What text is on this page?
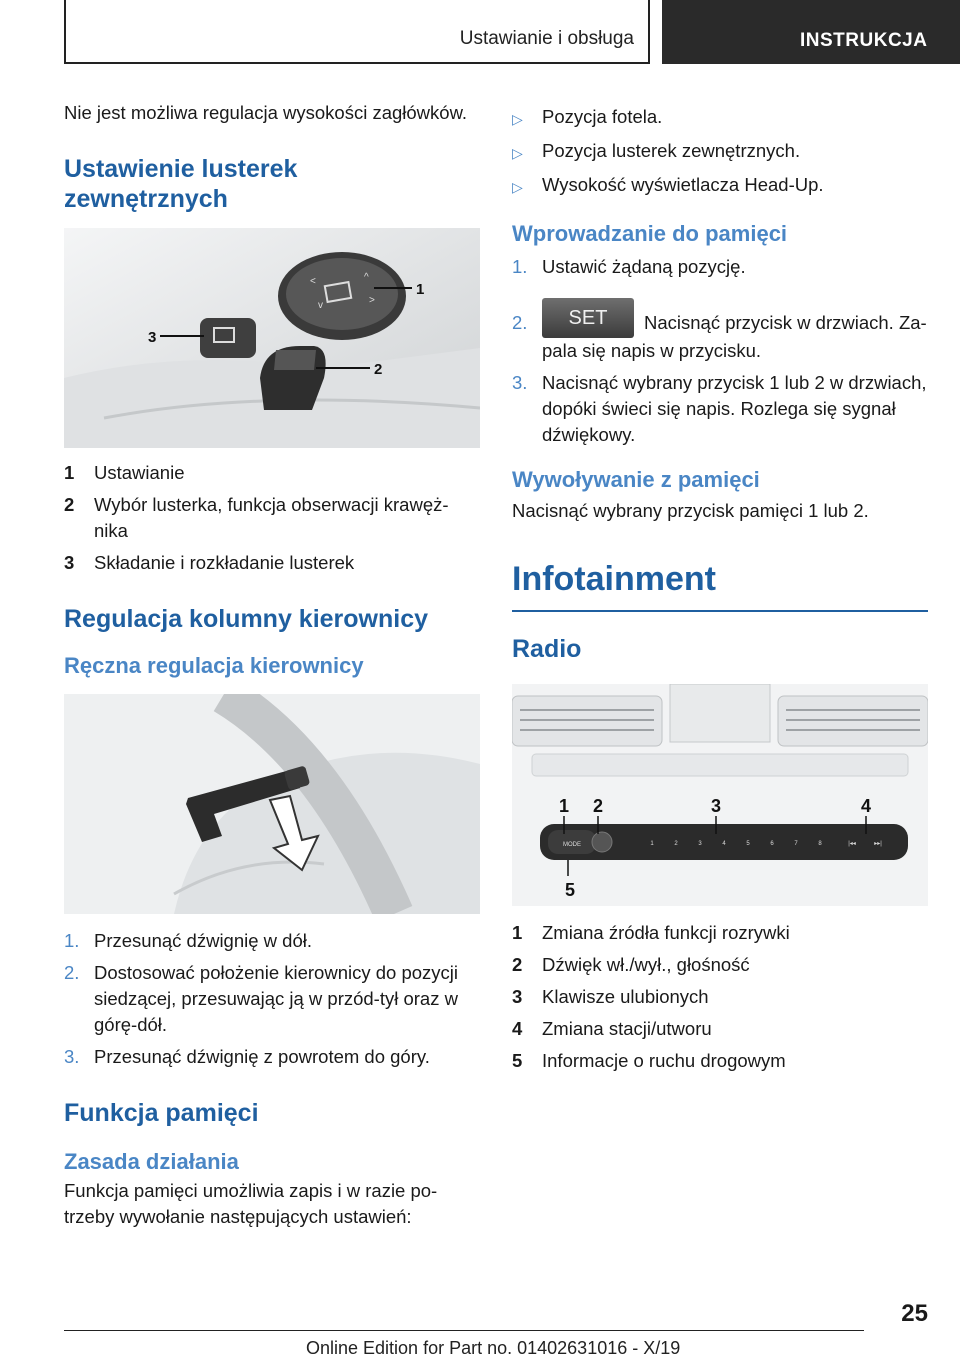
Ustawianie i obsługa	INSTRUKCJA

Nie jest możliwa regulacja wysokości zagłówków.

Ustawienie lusterek
zewnętrznych
<	^
>
v
1
2
3
1	Ustawianie
2	Wybór lusterka, funkcja obserwacji krawęż-nika
3	Składanie i rozkładanie lusterek
Regulacja kolumny kierownicy
Ręczna regulacja kierownicy
1. Przesunąć dźwignię w dół.
2. Dostosować położenie kierownicy do pozycji siedzącej, przesuwając ją w przód-tył oraz w górę-dół.
3. Przesunąć dźwignię z powrotem do góry.
Funkcja pamięci
Zasada działania

Funkcja pamięci umożliwia zapis i w razie po-trzeby wywołanie następujących ustawień:

▷	Pozycja fotela.
▷	Pozycja lusterek zewnętrznych.
▷	Wysokość wyświetlacza Head-Up.
Wprowadzanie do pamięci
1. Ustawić żądaną pozycję.
2.	SET Nacisnąć przycisk w drzwiach. Za-pala się napis w przycisku.
3. Nacisnąć wybrany przycisk 1 lub 2 w drzwiach, dopóki świeci się napis. Rozlega się sygnał dźwiękowy.
Wywoływanie z pamięci

Nacisnąć wybrany przycisk pamięci 1 lub 2.

Infotainment
Radio
MODE	1	2	3	4	5	6	7	8	|◂◂	▸▸|
1 2	3	4
5
1	Zmiana źródła funkcji rozrywki
2	Dźwięk wł./wył., głośność
3	Klawisze ulubionych
4	Zmiana stacji/utworu
5	Informacje o ruchu drogowym
25
Online Edition for Part no. 01402631016 - X/19
